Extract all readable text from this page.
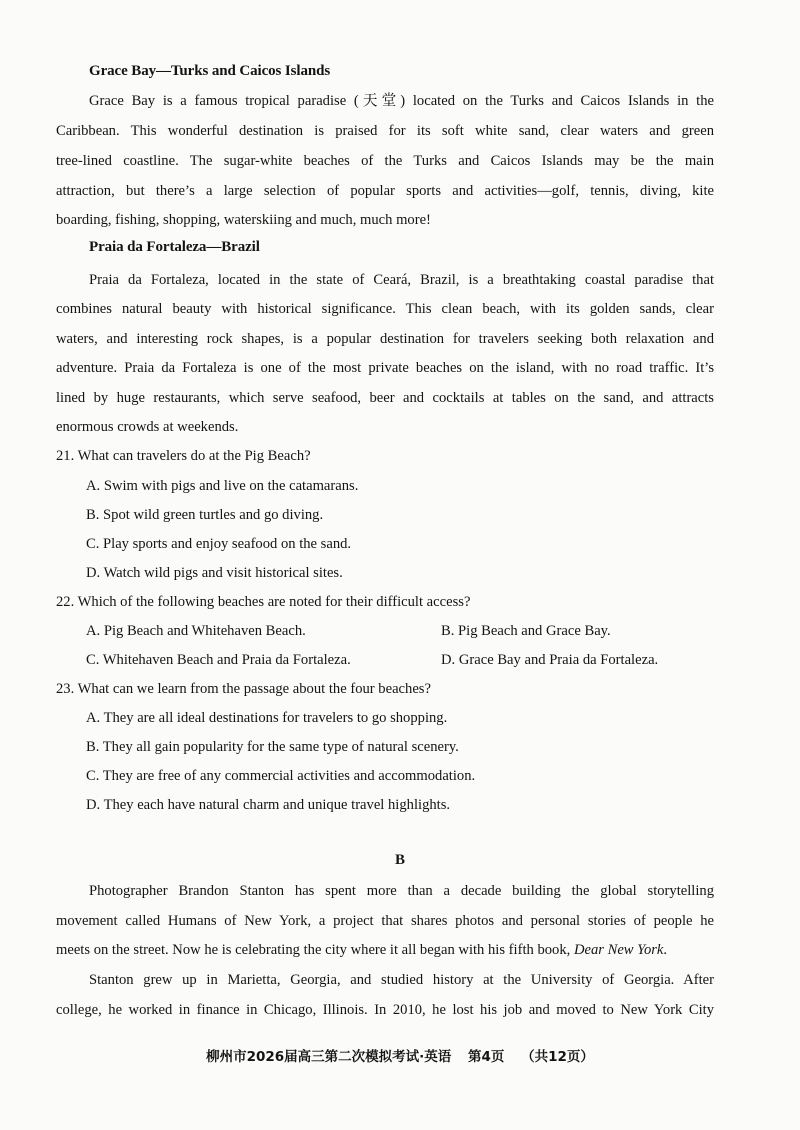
Grace Bay—Turks and Caicos Islands
Grace Bay is a famous tropical paradise (天堂) located on the Turks and Caicos Islands in the
Caribbean. This wonderful destination is praised for its soft white sand, clear waters and green
tree-lined coastline. The sugar-white beaches of the Turks and Caicos Islands may be the main
attraction, but there’s a large selection of popular sports and activities—golf, tennis, diving, kite
boarding, fishing, shopping, waterskiing and much, much more!
Praia da Fortaleza—Brazil
Praia da Fortaleza, located in the state of Ceará, Brazil, is a breathtaking coastal paradise that
combines natural beauty with historical significance. This clean beach, with its golden sands, clear
waters, and interesting rock shapes, is a popular destination for travelers seeking both relaxation and
adventure. Praia da Fortaleza is one of the most private beaches on the island, with no road traffic. It’s
lined by huge restaurants, which serve seafood, beer and cocktails at tables on the sand, and attracts
enormous crowds at weekends.
21. What can travelers do at the Pig Beach?
A. Swim with pigs and live on the catamarans.
B. Spot wild green turtles and go diving.
C. Play sports and enjoy seafood on the sand.
D. Watch wild pigs and visit historical sites.
22. Which of the following beaches are noted for their difficult access?
A. Pig Beach and Whitehaven Beach.	B. Pig Beach and Grace Bay.
C. Whitehaven Beach and Praia da Fortaleza.	D. Grace Bay and Praia da Fortaleza.
23. What can we learn from the passage about the four beaches?
A. They are all ideal destinations for travelers to go shopping.
B. They all gain popularity for the same type of natural scenery.
C. They are free of any commercial activities and accommodation.
D. They each have natural charm and unique travel highlights.
B
Photographer Brandon Stanton has spent more than a decade building the global storytelling
movement called Humans of New York, a project that shares photos and personal stories of people he
meets on the street. Now he is celebrating the city where it all began with his fifth book, Dear New York.
Stanton grew up in Marietta, Georgia, and studied history at the University of Georgia. After
college, he worked in finance in Chicago, Illinois. In 2010, he lost his job and moved to New York City
柳州市2026届高三第二次模拟考试·英语 第4页 （共12页）
